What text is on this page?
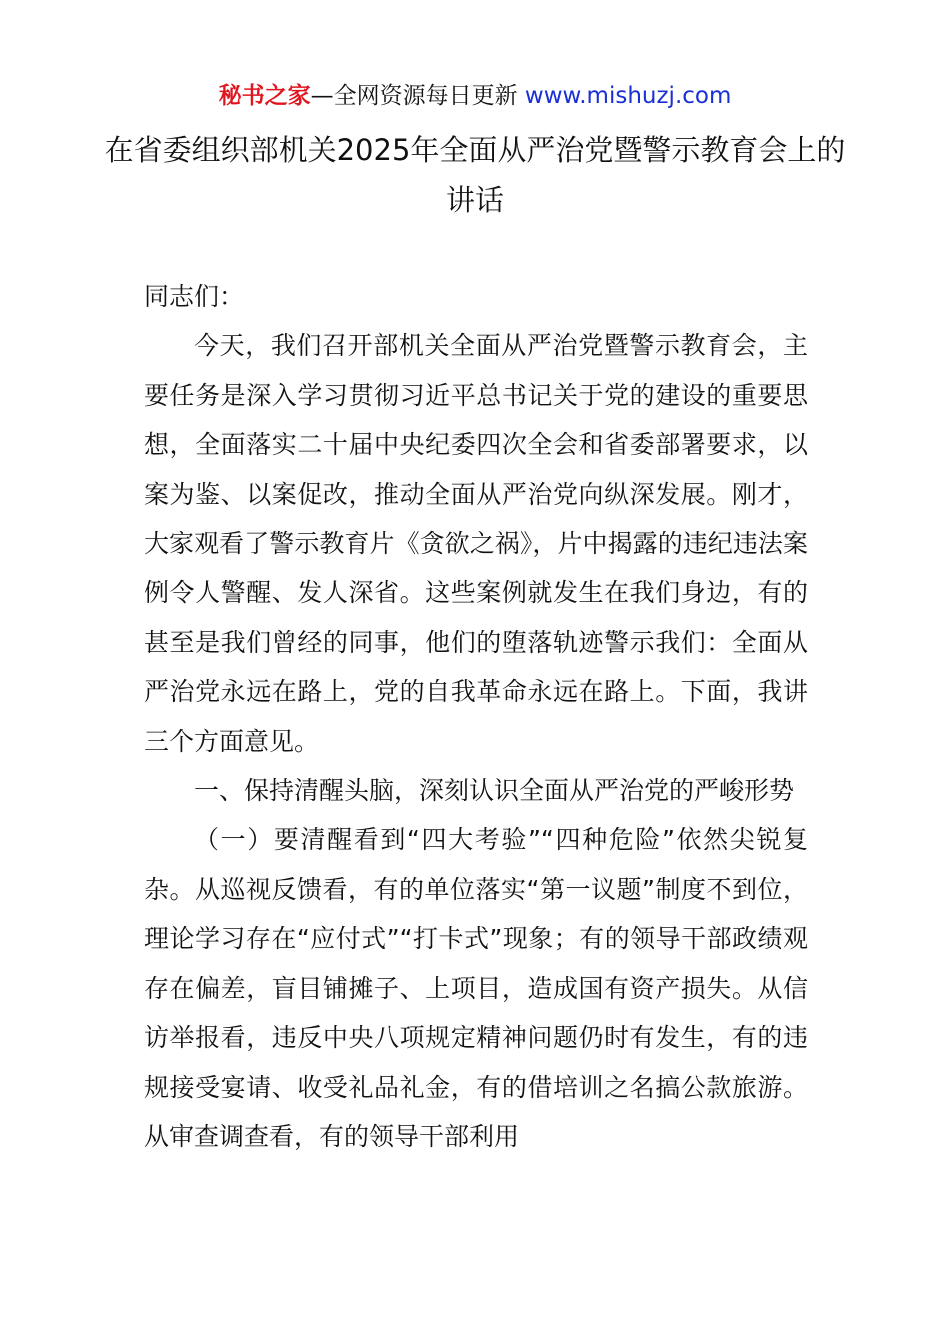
秘书之家—全网资源每日更新 www.mishuzj.com
在省委组织部机关2025年全面从严治党暨警示教育会上的讲话

同志们：

今天，我们召开部机关全面从严治党暨警示教育会，主要任务是深入学习贯彻习近平总书记关于党的建设的重要思想，全面落实二十届中央纪委四次全会和省委部署要求，以案为鉴、以案促改，推动全面从严治党向纵深发展。刚才，大家观看了警示教育片《贪欲之祸》，片中揭露的违纪违法案例令人警醒、发人深省。这些案例就发生在我们身边，有的甚至是我们曾经的同事，他们的堕落轨迹警示我们：全面从严治党永远在路上，党的自我革命永远在路上。下面，我讲三个方面意见。

一、保持清醒头脑，深刻认识全面从严治党的严峻形势

（一）要清醒看到“四大考验”“四种危险”依然尖锐复杂。从巡视反馈看，有的单位落实“第一议题”制度不到位，理论学习存在“应付式”“打卡式”现象；有的领导干部政绩观存在偏差，盲目铺摊子、上项目，造成国有资产损失。从信访举报看，违反中央八项规定精神问题仍时有发生，有的违规接受宴请、收受礼品礼金，有的借培训之名搞公款旅游。从审查调查看，有的领导干部利用
